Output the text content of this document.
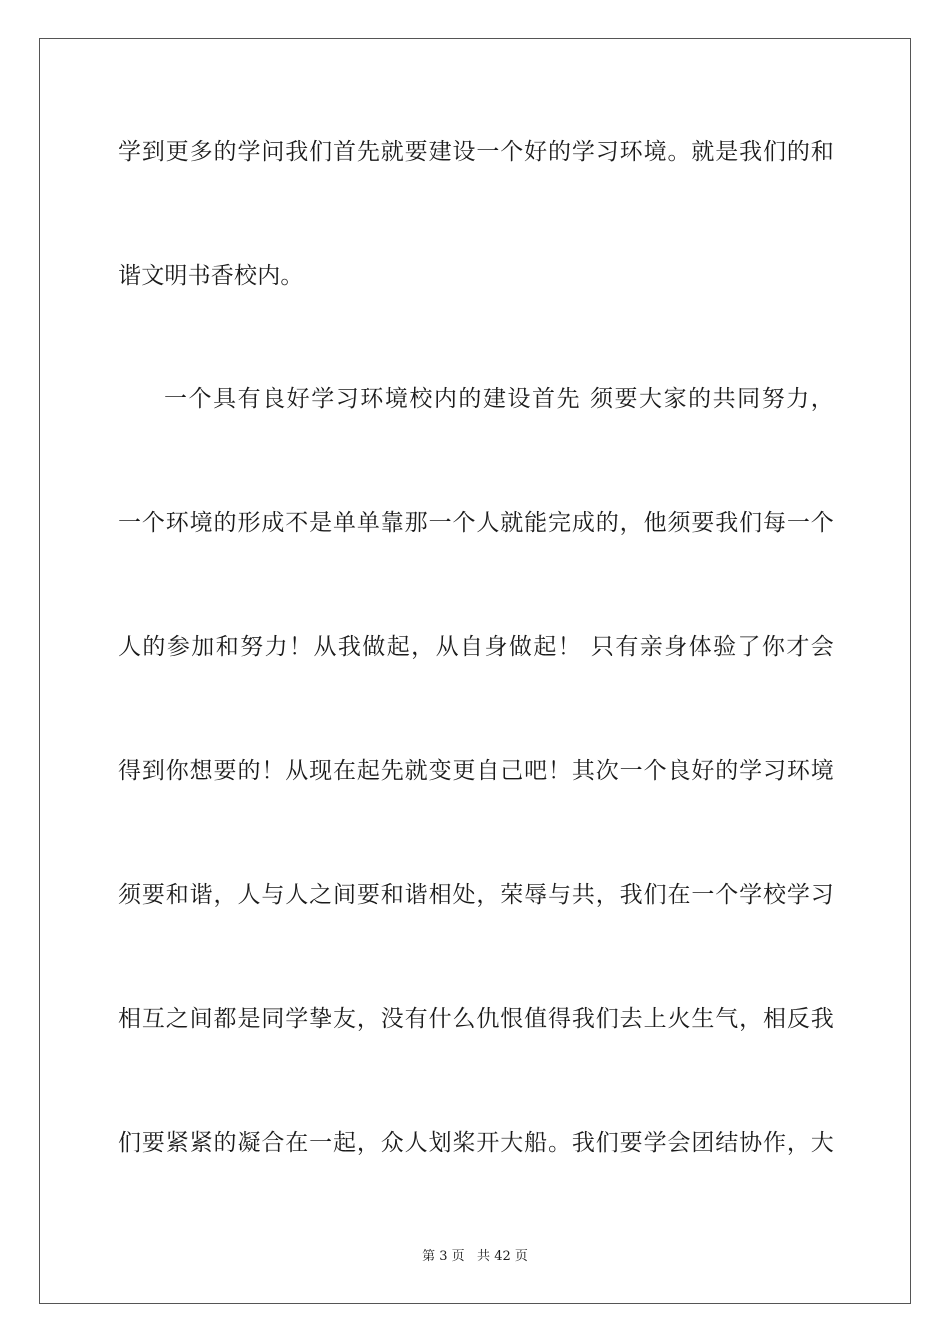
学到更多的学问我们首先就要建设一个好的学习环境。就是我们的和
谐文明书香校内。
一个具有良好学习环境校内的建设首先 须要大家的共同努力，
一个环境的形成不是单单靠那一个人就能完成的，他须要我们每一个
人的参加和努力！从我做起，从自身做起！ 只有亲身体验了你才会
得到你想要的！从现在起先就变更自己吧！其次一个良好的学习环境
须要和谐，人与人之间要和谐相处，荣辱与共，我们在一个学校学习
相互之间都是同学挚友，没有什么仇恨值得我们去上火生气，相反我
们要紧紧的凝合在一起，众人划桨开大船。我们要学会团结协作，大
第 3 页   共 42 页
